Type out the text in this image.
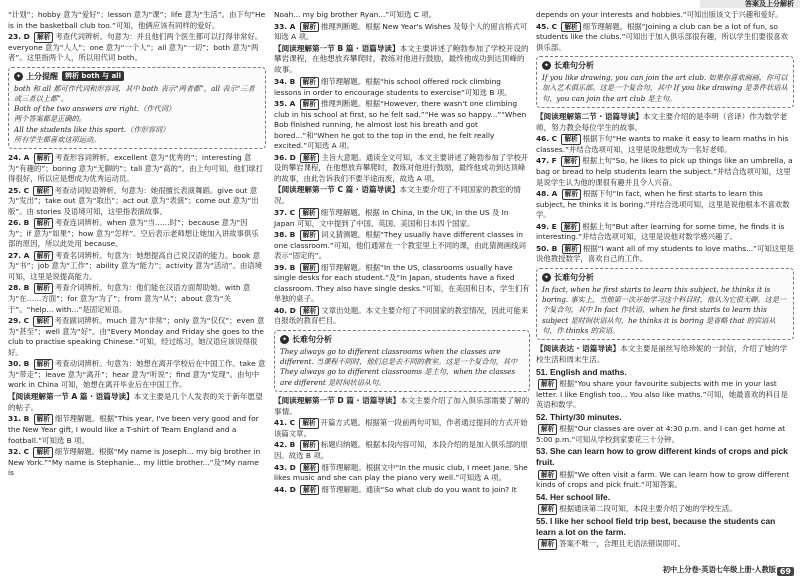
答案及上分解析
“计划”；hobby 意为“爱好”；lesson 意为“课”；life 意为“生活”。由下句“He is in the basketball club too.”可知，他俩应该有同样的爱好。
23. D 解析 考查代词辨析。句意为：并且他们两个医生都可以打得非常好。everyone 意为“人人”；one 意为“一个人”；all 意为“一切”；both 意为“两者”。这里指两个人，所以用代词 both。
✦ 上分提醒	辨析 both 与 all
both 和 all 都可作代词和形容词，其中 both 表示“两者都”，all 表示“三者或三者以上都”。
Both of the two answers are right.（作代词）
两个答案都是正确的。
All the students like this sport.（作形容词）
所有学生都喜欢这项运动。
24. A 解析 考查形容词辨析。excellent 意为“优秀的”；interesting 意为“有趣的”；boring 意为“无聊的”；tall 意为“高的”。由上句可知，他们球打得很好，所以应是想成为优秀运动员。
25. C 解析 考查动词短语辨析。句意为：她很擅长表演舞蹈。give out 意为“发出”；take out 意为“取出”；act out 意为“表演”；come out 意为“出版”。由 stories 及语境可知，这里指表演故事。
26. B 解析 考查连词辨析。when 意为“当……时”；because 意为“因为”；if 意为“如果”；how 意为“怎样”。空后表示老师想让她加入讲故事俱乐部的原因，所以此处用 because。
27. A 解析 考查名词辨析。句意为：她想提高自己说汉语的能力。book 意为“书”；job 意为“工作”；ability 意为“能力”；activity 意为“活动”。由语境可知，这里是说提高能力。
28. B 解析 考查介词辨析。句意为：他们能在汉语方面帮助她。with 意为“在……方面”；for 意为“为了”；from 意为“从”；about 意为“关于”。“help... with...”是固定短语。
29. C 解析 考查副词辨析。much 意为“非常”；only 意为“仅仅”；even 意为“甚至”；well 意为“好”。由“Every Monday and Friday she goes to the club to practise speaking Chinese.”可知，经过练习，她汉语应该说得很好。
30. B 解析 考查动词辨析。句意为：她想在离开学校后在中国工作。take 意为“带走”；leave 意为“离开”；hear 意为“听说”；find 意为“发现”。由句中 work in China 可知，她想在离开毕业后在中国工作。
【阅读理解第一节 A 篇 · 语篇导读】本文主要是几个人发表的关于新年愿望的帖子。
31. B 解析 细节理解题。根据“This year, I've been very good and for the New Year gift, I would like a T-shirt of Team England and a football.”可知选 B 项。
32. C 解析 细节理解题。根据“My name is Joseph... my big brother in New York.”“My name is Stephanie... my little brother...”及“My name is
Noah... my big brother Ryan...”可知选 C 项。
33. A 解析 推理判断题。根据 New Year's Wishes 及每个人的留言格式可知选 A 项。
【阅读理解第一节 B 篇 · 语篇导读】本文主要讲述了鲍勃参加了学校开设的攀岩课程，在他想放弃攀爬时，教练对他进行鼓励，最终他成功到达顶峰的故事。
34. B 解析 细节理解题。根据“his school offered rock climbing lessons in order to encourage students to exercise”可知选 B 项。
35. A 解析 推理判断题。根据“However, there wasn't one climbing club in his school at first, so he felt sad.”“He was so happy...”“When Bob finished running, he almost lost his breath and got bored...”和“When he got to the top in the end, he felt really excited.”可知选 A 项。
36. D 解析 主旨大意题。通读全文可知，本文主要讲述了鲍勃参加了学校开设的攀岩课程，在他想放弃攀爬时，教练对他进行鼓励，最终他成功到达顶峰的故事，由此告诉我们不要半途而废，故选 A 项。
【阅读理解第一节 C 篇 · 语篇导读】本文主要介绍了不同国家的教室的情况。
37. C 解析 细节理解题。根据 In China, In the UK, In the US 及 In Japan 可知，文中提到了中国、英国、美国和日本四个国家。
38. B 解析 词义猜测题。根据“They usually have different classes in one classroom.”可知，他们通常在一个教室里上不同的课，由此猜测画线词表示“固定的”。
39. B 解析 细节理解题。根据“In the US, classrooms usually have single desks for each student.”及“In Japan, students have a fixed classroom. They also have single desks.”可知，在美国和日本，学生们有单独的桌子。
40. D 解析 文章出处题。本文主要介绍了不同国家的教室情况，因此可能来自报纸的教育栏目。
✦ 长难句分析
They always go to different classrooms when the classes are different. 当课程不同时，他们总是去不同的教室。这是一个复合句，其中 They always go to different classrooms 是主句，when the classes are different 是时间状语从句。
【阅读理解第一节 D 篇 · 语篇导读】本文主要介绍了加入俱乐部需要了解的事情。
41. C 解析 开篇方式题。根据第一段前两句可知，作者通过提问的方式开始该篇文章。
42. B 解析 标题归纳题。根据本段内容可知，本段介绍的是加入俱乐部的原因。故选 B 项。
43. D 解析 细节理解题。根据文中“In the music club, I meet Jane. She likes music and she can play the piano very well.”可知选 A 项。
44. D 解析 细节理解题。通读“So what club do you want to join? It
depends on your interests and hobbies.”可知出版该文于兴趣和爱好。
45. C 解析 细节理解题。根据“Joining a club can be a lot of fun, so students like the clubs.”可知出于加入俱乐部很有趣，所以学生们要很喜欢俱乐部。
✦ 长难句分析
If you like drawing, you can join the art club. 如果你喜欢画画，你可以加入艺术俱乐部。这是一个复合句，其中 If you like drawing 是条件状语从句，you can join the art club 是主句。
【阅读理解第二节 · 语篇导读】本文主要介绍的是李明（音译）作为数学老师，努力教会每位学生的故事。
46. C 解析 根据下句“He wants to make it easy to learn maths in his classes.”并结合选项可知，这里是说他想成为一名好老师。
47. F 解析 根据上句“So, he likes to pick up things like an umbrella, a bag or bread to help students learn the subject.”并结合选项可知，这里是说学生认为他的课很有趣并且令人兴奋。
48. A 解析 根据下句“In fact, when he first starts to learn this subject, he thinks it is boring.”并结合选项可知，这里是说他根本不喜欢数学。
49. E 解析 根据上句“But after learning for some time, he finds it is interesting.”并结合选项可知，这里是说他对数学感兴趣了。
50. B 解析 根据“I want all of my students to love maths...”可知这里是说他教授数学，喜欢自己的工作。
✦ 长难句分析
In fact, when he first starts to learn this subject, he thinks it is boring. 事实上，当他第一次开始学习这个科目时，他认为它很无聊。这是一个复合句，其中 In fact 作状语，when he first starts to learn this subject 是时间状语从句，he thinks it is boring 是省略 that 的宾语从句，作 thinks 的宾语。
【阅读表达 · 语篇导读】本文主要是丽丝写给珍妮的一封信，介绍了她的学校生活和周末生活。
51. English and maths.
解析 根据“You share your favourite subjects with me in your last letter. I like English too... You also like maths.”可知，她最喜欢的科目是英语和数学。
52. Thirty/30 minutes.
解析 根据“Our classes are over at 4:30 p.m. and I can get home at 5:00 p.m.”可知从学校到家要花三十分钟。
53. She can learn how to grow different kinds of crops and pick fruit.
解析 根据“We often visit a farm. We can learn how to grow different kinds of crops and pick fruit.”可知答案。
54. Her school life.
解析 根据通读第二段可知，本段主要介绍了她的学校生活。
55. I like her school field trip best, because the students can learn a lot on the farm.
解析 答案不唯一，合理且无语法错误即可。
初中上分卷·英语七年级上册·人教版 69
